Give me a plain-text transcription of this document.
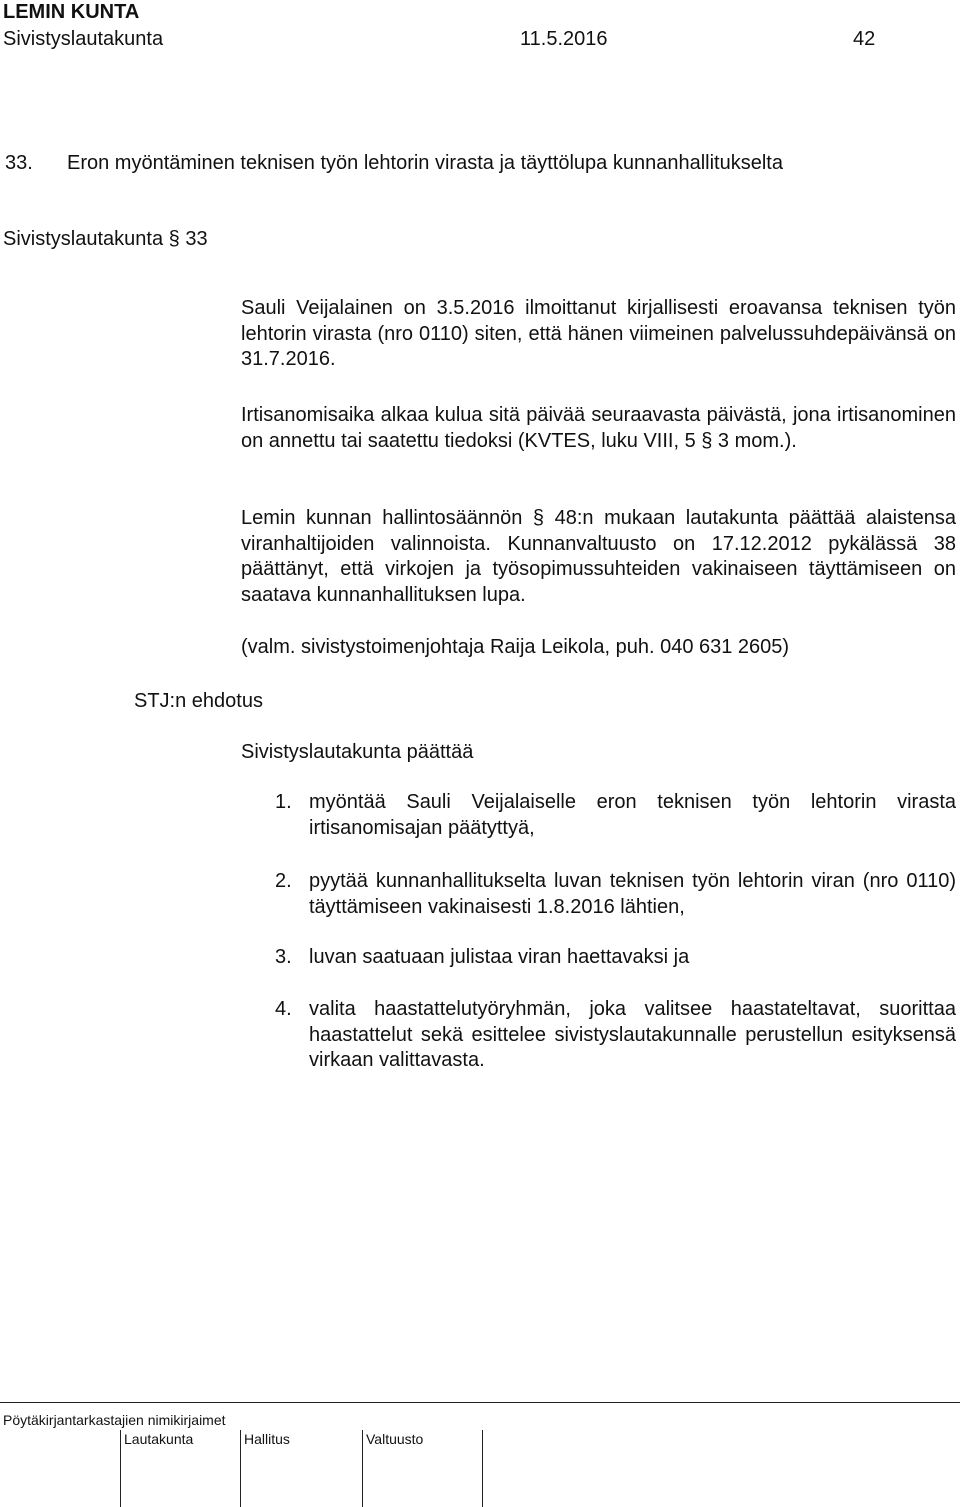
LEMIN KUNTA
Sivistyslautakunta	11.5.2016	42
33. Eron myöntäminen teknisen työn lehtorin virasta ja täyttölupa kunnanhallitukselta
Sivistyslautakunta § 33

Sauli Veijalainen on 3.5.2016 ilmoittanut kirjallisesti eroavansa teknisen työn lehtorin virasta (nro 0110) siten, että hänen viimeinen palvelussuhdepäivänsä on 31.7.2016.

Irtisanomisaika alkaa kulua sitä päivää seuraavasta päivästä, jona irtisanominen on annettu tai saatettu tiedoksi (KVTES, luku VIII, 5 § 3 mom.).

Lemin kunnan hallintosäännön § 48:n mukaan lautakunta päättää alaistensa viranhaltijoiden valinnoista. Kunnanvaltuusto on 17.12.2012 pykälässä 38 päättänyt, että virkojen ja työsopimussuhteiden vakinaiseen täyttämiseen on saatava kunnanhallituksen lupa.

(valm. sivistystoimenjohtaja Raija Leikola, puh. 040 631 2605)

STJ:n ehdotus
Sivistyslautakunta päättää
1. myöntää Sauli Veijalaiselle eron teknisen työn lehtorin virasta irtisanomisajan päätyttyä,
2. pyytää kunnanhallitukselta luvan teknisen työn lehtorin viran (nro 0110) täyttämiseen vakinaisesti 1.8.2016 lähtien,
3. luvan saatuaan julistaa viran haettavaksi ja
4. valita haastattelutyöryhmän, joka valitsee haastateltavat, suorittaa haastattelut sekä esittelee sivistyslautakunnalle perustellun esityksensä virkaan valittavasta.
Pöytäkirjantarkastajien nimikirjaimet
Lautakunta	Hallitus	Valtuusto
